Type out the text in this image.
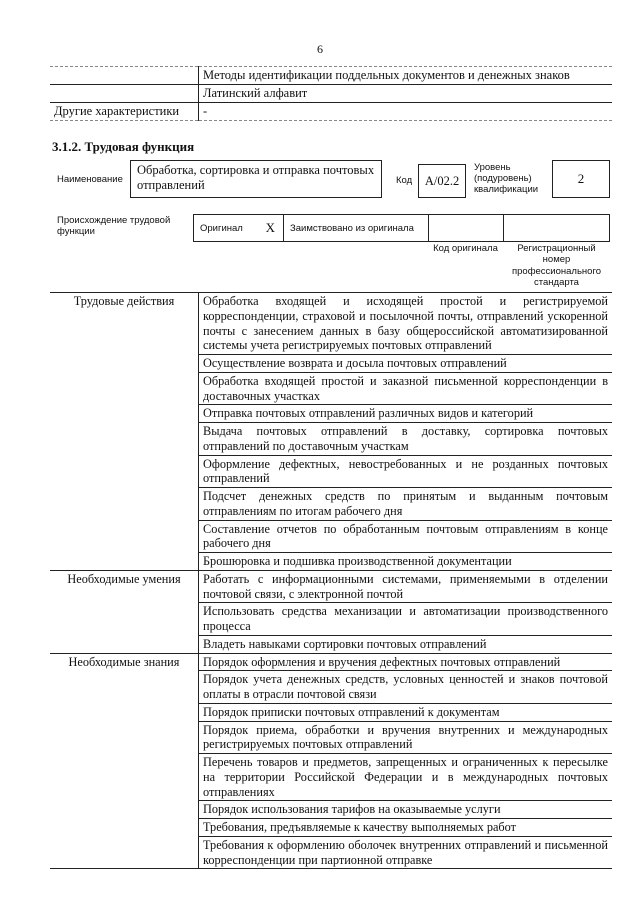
6
	Методы идентификации поддельных документов и денежных знаков
	Латинский алфавит
Другие характеристики	-
3.1.2. Трудовая функция
Наименование
Обработка, сортировка и отправка почтовых отправлений	Код А/02.2
Уровень (подуровень) квалификации
2
Происхождение трудовой функции	Оригинал X Заимствовано из оригинала
Код оригинала	Регистрационный номер профессионального стандарта
Трудовые действия	Обработка входящей и исходящей простой и регистрируемой корреспонденции, страховой и посылочной почты, отправлений ускоренной почты с занесением данных в базу общероссийской автоматизированной системы учета регистрируемых почтовых отправлений
	Осуществление возврата и досыла почтовых отправлений
	Обработка входящей простой и заказной письменной корреспонденции в доставочных участках
	Отправка почтовых отправлений различных видов и категорий
	Выдача почтовых отправлений в доставку, сортировка почтовых отправлений по доставочным участкам
	Оформление дефектных, невостребованных и не розданных почтовых отправлений
	Подсчет денежных средств по принятым и выданным почтовым отправлениям по итогам рабочего дня
	Составление отчетов по обработанным почтовым отправлениям в конце рабочего дня
	Брошюровка и подшивка производственной документации
Необходимые умения	Работать с информационными системами, применяемыми в отделении почтовой связи, с электронной почтой
	Использовать средства механизации и автоматизации производственного процесса
	Владеть навыками сортировки почтовых отправлений
Необходимые знания	Порядок оформления и вручения дефектных почтовых отправлений
	Порядок учета денежных средств, условных ценностей и знаков почтовой оплаты в отрасли почтовой связи
	Порядок приписки почтовых отправлений к документам
	Порядок приема, обработки и вручения внутренних и международных регистрируемых почтовых отправлений
	Перечень товаров и предметов, запрещенных и ограниченных к пересылке на территории Российской Федерации и в международных почтовых отправлениях
	Порядок использования тарифов на оказываемые услуги
	Требования, предъявляемые к качеству выполняемых работ
	Требования к оформлению оболочек внутренних отправлений и письменной корреспонденции при партионной отправке
